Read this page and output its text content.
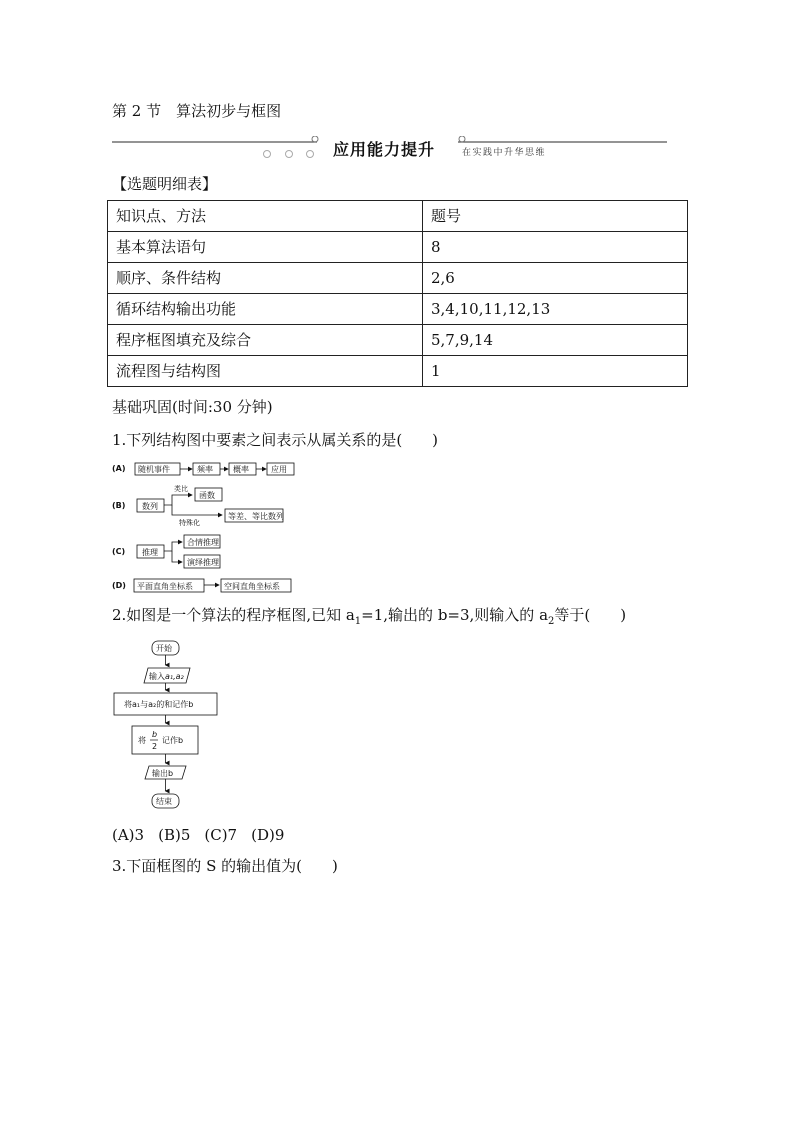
第 2 节　算法初步与框图
应用能力提升	在实践中升华思维
【选题明细表】
知识点、方法	题号
基本算法语句	8
顺序、条件结构	2,6
循环结构输出功能	3,4,10,11,12,13
程序框图填充及综合	5,7,9,14
流程图与结构图	1
基础巩固(时间:30 分钟)
1.下列结构图中要素之间表示从属关系的是(　　)
(A) 随机事件	频率	概率	应用
(B) 数列
类比
函数
等差、等比数列
特殊化
(C) 推理
合情推理
演绎推理
(D) 平面直角坐标系	空间直角坐标系
2.如图是一个算法的程序框图,已知 $a_1=1$,输出的 b=3,则输入的 $a_2$等于(　　)
开始
输入a₁,a₂
将a₁与a₂的和记作b
将
b
2
记作b
输出b
结束
(A)3 (B)5 (C)7 (D)9
3.下面框图的 S 的输出值为(　　)
